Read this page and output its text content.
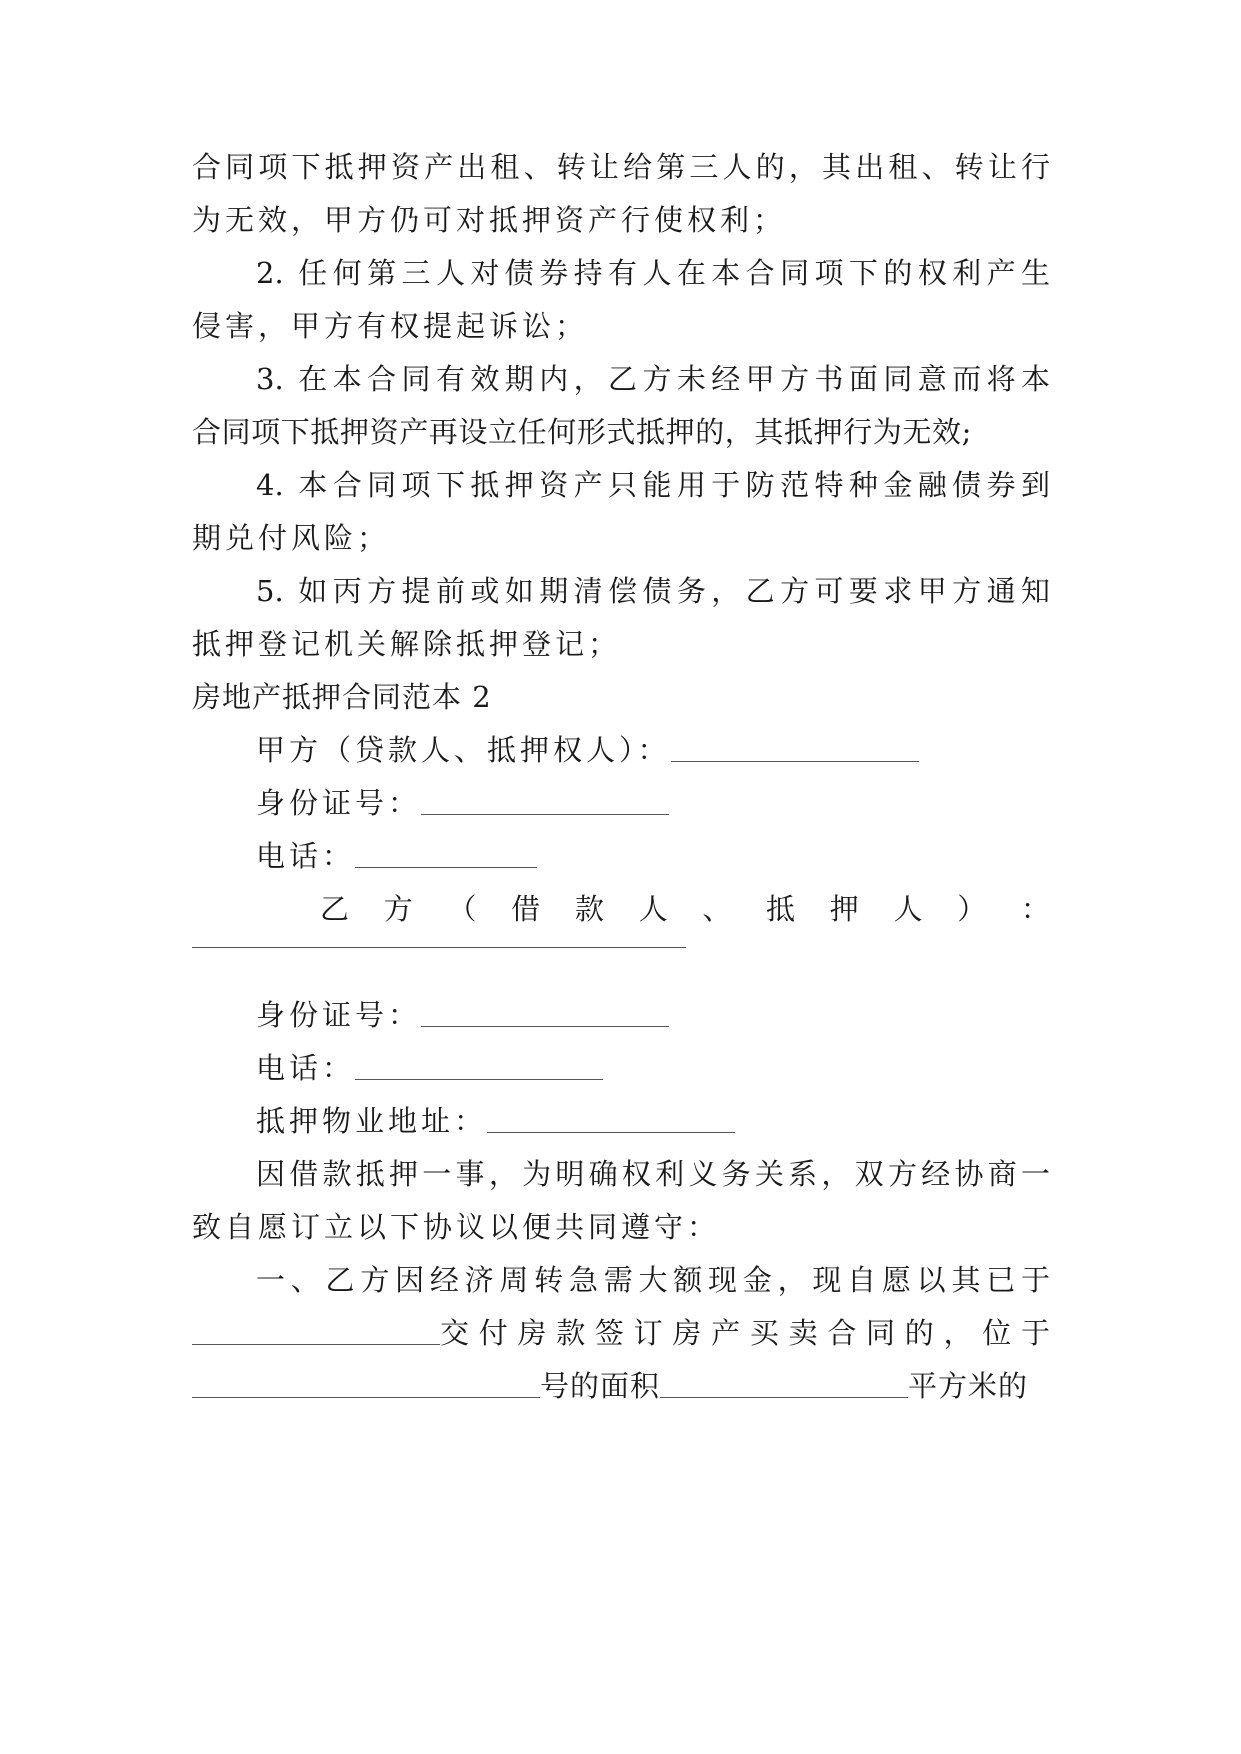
合同项下抵押资产出租、转让给第三人的，其出租、转让行
为无效，甲方仍可对抵押资产行使权利；
2. 任何第三人对债券持有人在本合同项下的权利产生
侵害，甲方有权提起诉讼；
3. 在本合同有效期内，乙方未经甲方书面同意而将本
合同项下抵押资产再设立任何形式抵押的，其抵押行为无效;
4. 本合同项下抵押资产只能用于防范特种金融债券到
期兑付风险；
5. 如丙方提前或如期清偿债务，乙方可要求甲方通知
抵押登记机关解除抵押登记；
房地产抵押合同范本 2
甲方（贷款人、抵押权人）：
身份证号：
电话：
乙 方 （ 借 款 人 、 抵 押 人 ） ：
身份证号：
电话：
抵押物业地址：
因借款抵押一事，为明确权利义务关系，双方经协商一
致自愿订立以下协议以便共同遵守：
一、乙方因经济周转急需大额现金，现自愿以其已于
交付房款签订房产买卖合同的，位于
号的面积	平方米的
